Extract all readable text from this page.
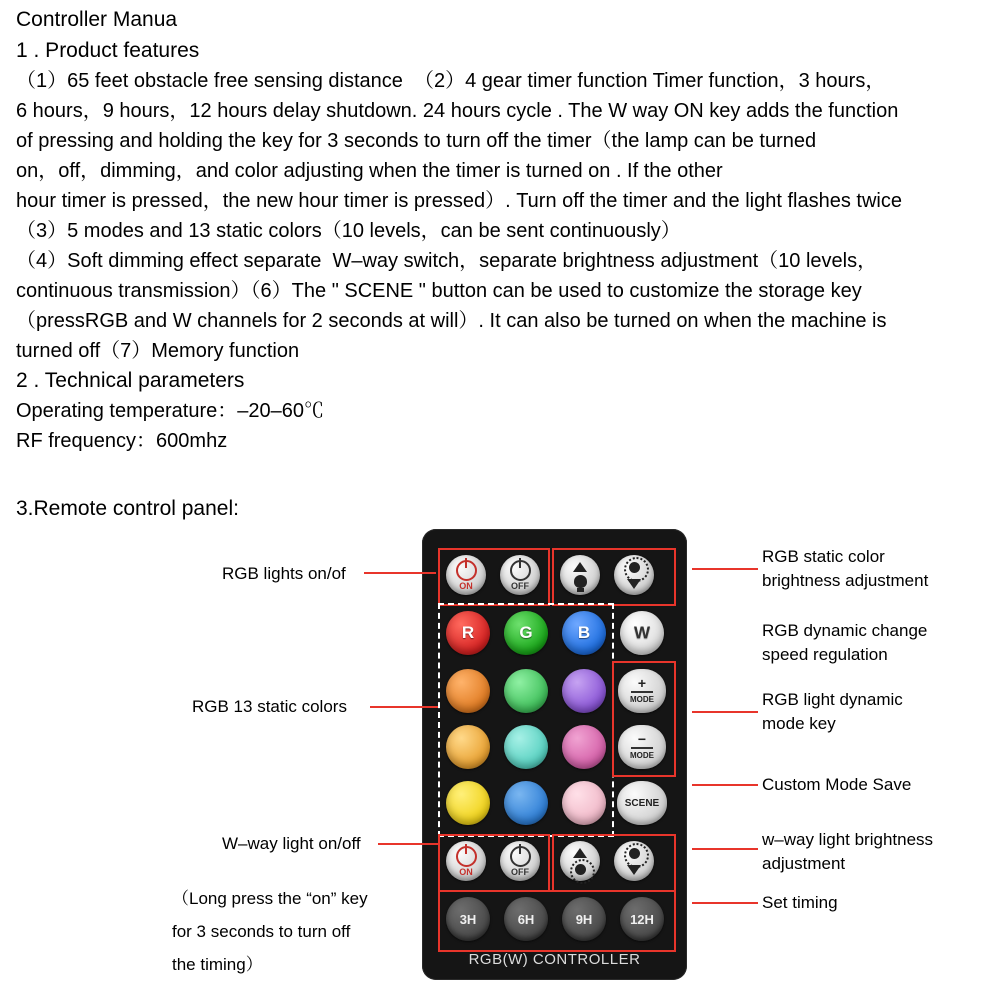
Controller Manua
1 . Product features
（1）65 feet obstacle free sensing distance  （2）4 gear timer function Timer function，3 hours，
6 hours，9 hours，12 hours delay shutdown. 24 hours cycle . The W way ON key adds the function
of pressing and holding the key for 3 seconds to turn off the timer（the lamp can be turned
on，off，dimming，and color adjusting when the timer is turned on . If the other
hour timer is pressed，the new hour timer is pressed）. Turn off the timer and the light flashes twice
（3）5 modes and 13 static colors（10 levels，can be sent continuously）
（4）Soft dimming effect separate  W–way switch，separate brightness adjustment（10 levels，
continuous transmission）（6）The " SCENE " button can be used to customize the storage key
（pressRGB and W channels for 2 seconds at will）. It can also be turned on when the machine is
turned off（7）Memory function
2 . Technical parameters
Operating temperature：–20–60℃
RF frequency：600mhz
3.Remote control panel:
ON	OFF
R	G	B	W
+
MODE
−
MODE
SCENE
ON	OFF
3H	6H	9H	12H
RGB(W) CONTROLLER
RGB lights on/of
RGB 13 static colors
W–way light on/off
（Long press the “on” key
for 3 seconds to turn off
the timing）
RGB static color
brightness adjustment
RGB dynamic change
speed regulation
RGB light dynamic
mode key
Custom Mode Save
w–way light brightness
adjustment
Set timing
